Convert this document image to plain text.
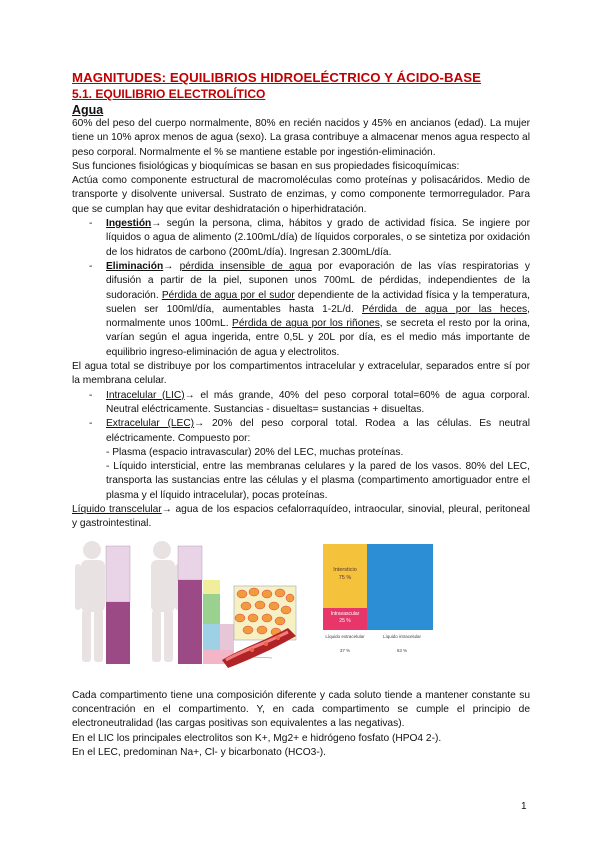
MAGNITUDES: EQUILIBRIOS HIDROELÉCTRICO Y ÁCIDO-BASE
5.1. EQUILIBRIO ELECTROLÍTICO
Agua
60% del peso del cuerpo normalmente, 80% en recién nacidos y 45% en ancianos (edad). La mujer tiene un 10% aprox menos de agua (sexo). La grasa contribuye a almacenar menos agua respecto al peso corporal. Normalmente el % se mantiene estable por ingestión-eliminación.
Sus funciones fisiológicas y bioquímicas se basan en sus propiedades fisicoquímicas:
Actúa como componente estructural de macromoléculas como proteínas y polisacáridos. Medio de transporte y disolvente universal. Sustrato de enzimas, y como componente termorregulador. Para que se cumplan hay que evitar deshidratación o hiperhidratación.
- Ingestión→ según la persona, clima, hábitos y grado de actividad física. Se ingiere por líquidos o agua de alimento (2.100mL/día) de líquidos corporales, o se sintetiza por oxidación de los hidratos de carbono (200mL/día). Ingresan 2.300mL/día.
- Eliminación→ pérdida insensible de agua por evaporación de las vías respiratorias y difusión a partir de la piel, suponen unos 700mL de pérdidas, independientes de la sudoración. Pérdida de agua por el sudor dependiente de la actividad física y la temperatura, suelen ser 100ml/día, aumentables hasta 1-2L/d. Pérdida de agua por las heces, normalmente unos 100mL. Pérdida de agua por los riñones, se secreta el resto por la orina, varían según el agua ingerida, entre 0,5L y 20L por día, es el medio más importante de equilibrio ingreso-eliminación de agua y electrolitos.
El agua total se distribuye por los compartimentos intracelular y extracelular, separados entre sí por la membrana celular.
- Intracelular (LIC)→ el más grande, 40% del peso corporal total=60% de agua corporal. Neutral eléctricamente. Sustancias - disueltas= sustancias + disueltas.
- Extracelular (LEC)→ 20% del peso corporal total. Rodea a las células. Es neutral eléctricamente. Compuesto por:
- Plasma (espacio intravascular) 20% del LEC, muchas proteínas.
- Líquido intersticial, entre las membranas celulares y la pared de los vasos. 80% del LEC, transporta las sustancias entre las células y el plasma (compartimento amortiguador entre el plasma y el líquido intracelular), pocas proteínas.
Líquido transcelular→ agua de los espacios cefalorraquídeo, intraocular, sinovial, pleural, peritoneal y gastrointestinal.
Intersticio
75 %
Intravascular
25 %
Líquido extracelular
37 %
Líquido intracelular
63 %
Cada compartimento tiene una composición diferente y cada soluto tiende a mantener constante su concentración en el compartimento. Y, en cada compartimento se cumple el principio de electroneutralidad (las cargas positivas son equivalentes a las negativas).
En el LIC los principales electrolitos son K+, Mg2+ e hidrógeno fosfato (HPO4 2-).
En el LEC, predominan Na+, Cl- y bicarbonato (HCO3-).
1
